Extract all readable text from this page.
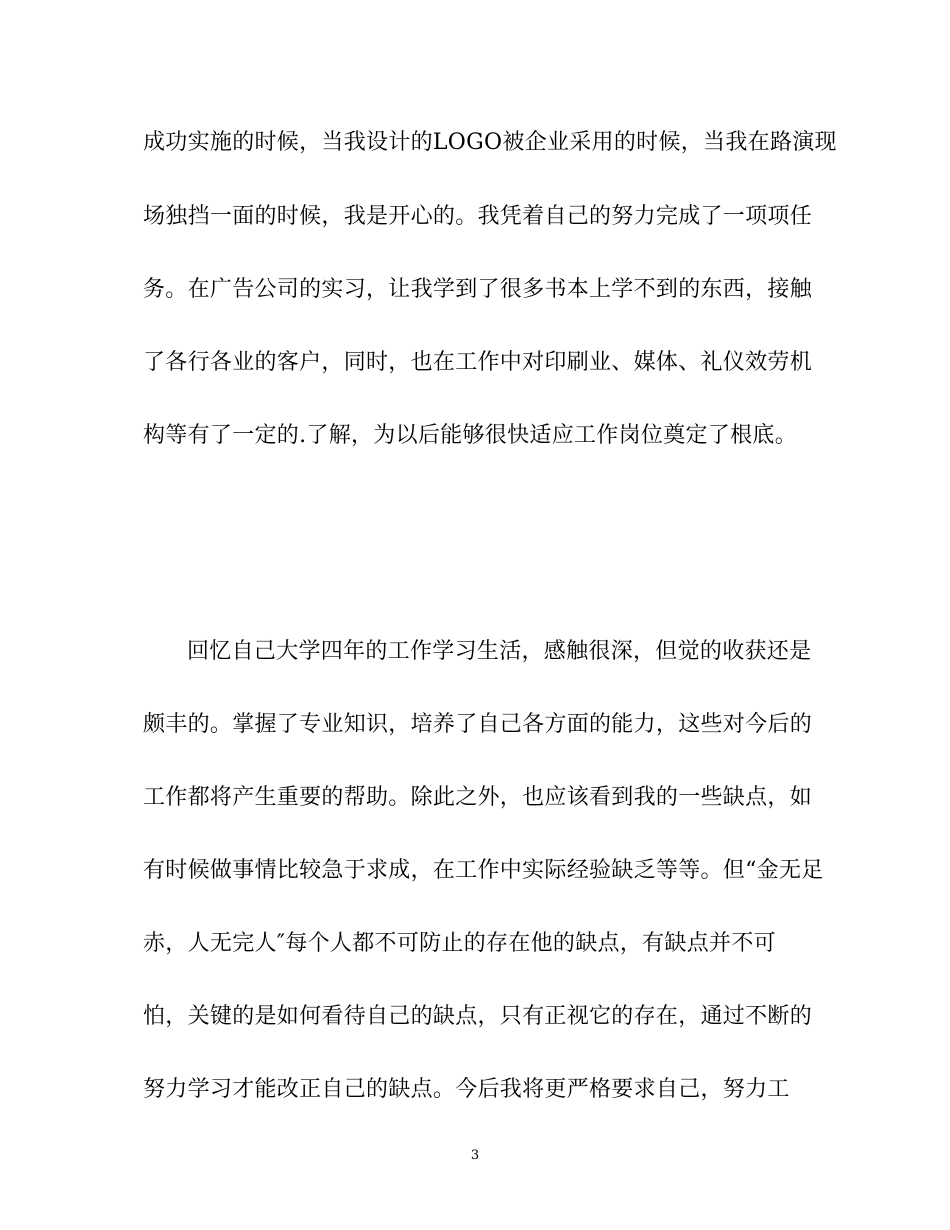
成功实施的时候，当我设计的LOGO被企业采用的时候，当我在路演现
场独挡一面的时候，我是开心的。我凭着自己的努力完成了一项项任
务。在广告公司的实习，让我学到了很多书本上学不到的东西，接触
了各行各业的客户，同时，也在工作中对印刷业、媒体、礼仪效劳机
构等有了一定的.了解，为以后能够很快适应工作岗位奠定了根底。
回忆自己大学四年的工作学习生活，感触很深，但觉的收获还是
颇丰的。掌握了专业知识，培养了自己各方面的能力，这些对今后的
工作都将产生重要的帮助。除此之外，也应该看到我的一些缺点，如
有时候做事情比较急于求成，在工作中实际经验缺乏等等。但“金无足
赤，人无完人″每个人都不可防止的存在他的缺点，有缺点并不可
怕，关键的是如何看待自己的缺点，只有正视它的存在，通过不断的
努力学习才能改正自己的缺点。今后我将更严格要求自己，努力工
3
